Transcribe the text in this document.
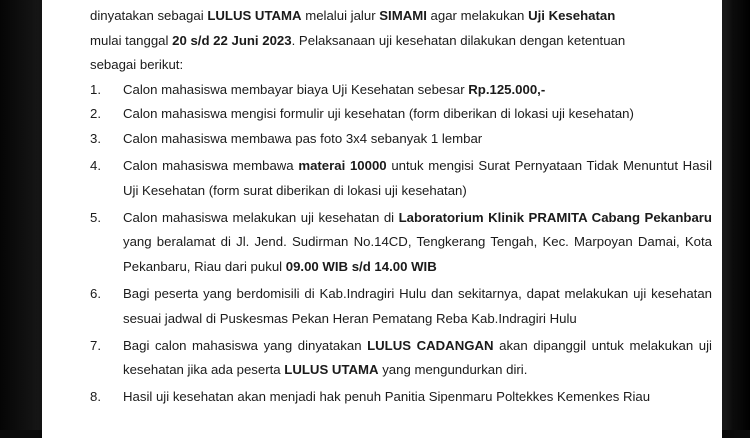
dinyatakan sebagai LULUS UTAMA melalui jalur SIMAMI agar melakukan Uji Kesehatan

mulai tanggal 20 s/d 22 Juni 2023. Pelaksanaan uji kesehatan dilakukan dengan ketentuan

sebagai berikut:

1. Calon mahasiswa membayar biaya Uji Kesehatan sebesar Rp.125.000,-
2. Calon mahasiswa mengisi formulir uji kesehatan (form diberikan di lokasi uji kesehatan)
3. Calon mahasiswa membawa pas foto 3x4 sebanyak 1 lembar
4. Calon mahasiswa membawa materai 10000 untuk mengisi Surat Pernyataan Tidak Menuntut Hasil Uji Kesehatan (form surat diberikan di lokasi uji kesehatan)
5. Calon mahasiswa melakukan uji kesehatan di Laboratorium Klinik PRAMITA Cabang Pekanbaru yang beralamat di Jl. Jend. Sudirman No.14CD, Tengkerang Tengah, Kec. Marpoyan Damai, Kota Pekanbaru, Riau dari pukul 09.00 WIB s/d 14.00 WIB
6. Bagi peserta yang berdomisili di Kab.Indragiri Hulu dan sekitarnya, dapat melakukan uji kesehatan sesuai jadwal di Puskesmas Pekan Heran Pematang Reba Kab.Indragiri Hulu
7. Bagi calon mahasiswa yang dinyatakan LULUS CADANGAN akan dipanggil untuk melakukan uji kesehatan jika ada peserta LULUS UTAMA yang mengundurkan diri.
8. Hasil uji kesehatan akan menjadi hak penuh Panitia Sipenmaru Poltekkes Kemenkes Riau
